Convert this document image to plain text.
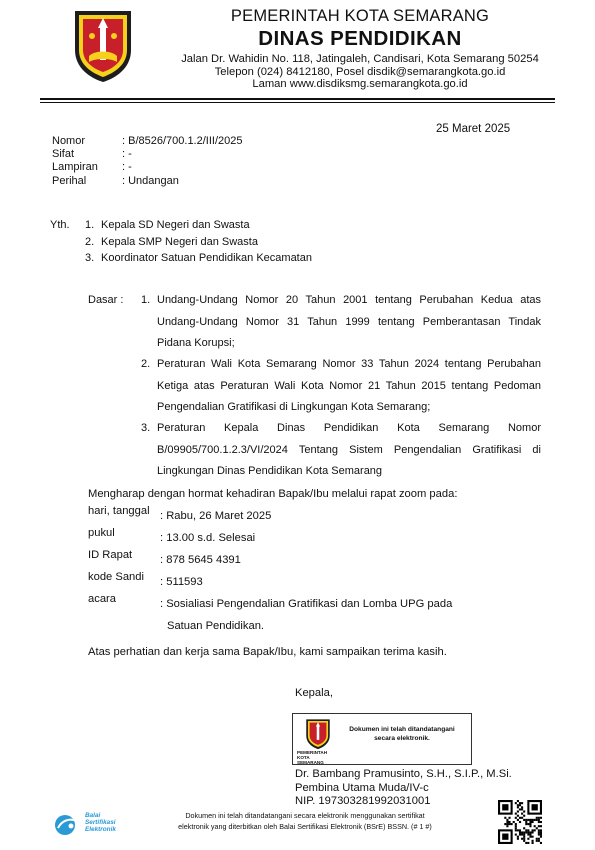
PEMERINTAH KOTA SEMARANG
DINAS PENDIDIKAN
Jalan Dr. Wahidin No. 118, Jatingaleh, Candisari, Kota Semarang 50254
Telepon (024) 8412180, Posel disdik@semarangkota.go.id
Laman www.disdiksmg.semarangkota.go.id
25 Maret 2025
Nomor	: B/8526/700.1.2/III/2025
Sifat	: -
Lampiran	: -
Perihal	: Undangan
Yth.	1. Kepala SD Negeri dan Swasta
2. Kepala SMP Negeri dan Swasta
3. Koordinator Satuan Pendidikan Kecamatan
Dasar :	1. Undang-Undang Nomor 20 Tahun 2001 tentang Perubahan Kedua atas Undang-Undang Nomor 31 Tahun 1999 tentang Pemberantasan Tindak Pidana Korupsi;
2. Peraturan Wali Kota Semarang Nomor 33 Tahun 2024 tentang Perubahan Ketiga atas Peraturan Wali Kota Nomor 21 Tahun 2015 tentang Pedoman Pengendalian Gratifikasi di Lingkungan Kota Semarang;
3. Peraturan Kepala Dinas Pendidikan Kota Semarang Nomor B/09905/700.1.2.3/VI/2024 Tentang Sistem Pengendalian Gratifikasi di Lingkungan Dinas Pendidikan Kota Semarang
Mengharap dengan hormat kehadiran Bapak/Ibu melalui rapat zoom pada:
hari, tanggal : Rabu, 26 Maret 2025
pukul	: 13.00 s.d. Selesai
ID Rapat	: 878 5645 4391
kode Sandi	: 511593
acara	: Sosialiasi Pengendalian Gratifikasi dan Lomba UPG pada
Satuan Pendidikan.
Atas perhatian dan kerja sama Bapak/Ibu, kami sampaikan terima kasih.
Kepala,
PEMERINTAH
KOTA SEMARANG
Dokumen ini telah ditandatangani secara elektronik.
Dr. Bambang Pramusinto, S.H., S.I.P., M.Si.
Pembina Utama Muda/IV-c
NIP. 197303281992031001
Balai
Sertifikasi
Elektronik
Dokumen ini telah ditandatangani secara elektronik menggunakan sertifikat
elektronik yang diterbitkan oleh Balai Sertifikasi Elektronik (BSrE) BSSN. (# 1 #)
